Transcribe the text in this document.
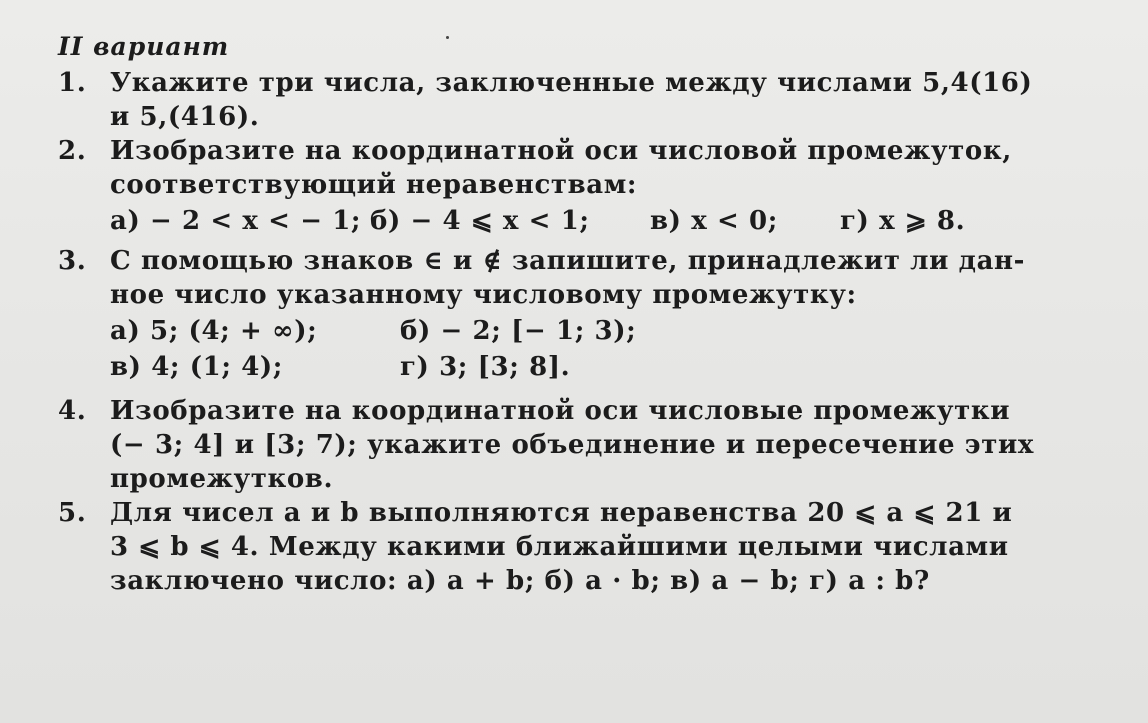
II вариант
1. Укажите три числа, заключенные между числами 5,4(16)
и 5,(416).
2. Изобразите на координатной оси числовой промежуток,
соответствующий неравенствам:
а) − 2 < x < − 1; б) − 4 ⩽ x < 1;	в) x < 0;	г) x ⩾ 8.
3. С помощью знаков ∈ и ∉ запишите, принадлежит ли дан-
ное число указанному числовому промежутку:
а) 5; (4; + ∞);	б) − 2; [− 1; 3);
в) 4; (1; 4);	г) 3; [3; 8].
4. Изобразите на координатной оси числовые промежутки
(− 3; 4] и [3; 7); укажите объединение и пересечение этих
промежутков.
5. Для чисел a и b выполняются неравенства 20 ⩽ a ⩽ 21 и
3 ⩽ b ⩽ 4. Между какими ближайшими целыми числами
заключено число: а) a + b; б) a · b; в) a − b; г) a : b?
